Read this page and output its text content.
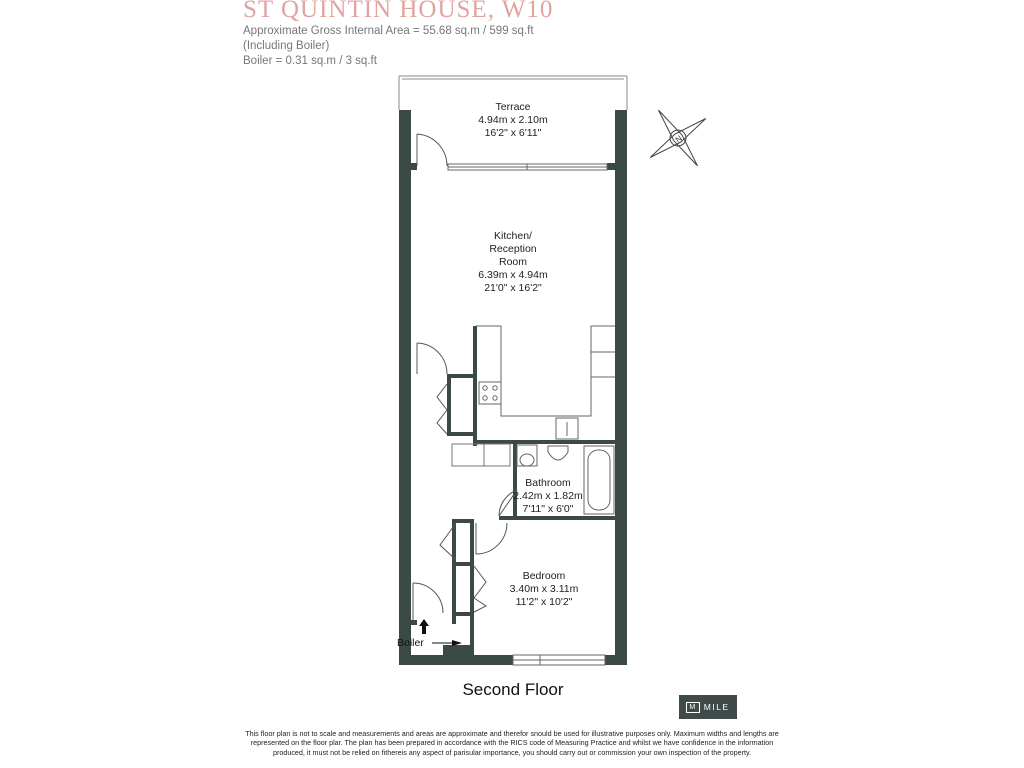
ST QUINTIN HOUSE, W10
Approximate Gross Internal Area = 55.68 sq.m / 599 sq.ft
(Including Boiler)
Boiler = 0.31 sq.m / 3 sq.ft
N
Terrace
4.94m x 2.10m
16'2" x 6'11"
Kitchen/
Reception
Room
6.39m x 4.94m
21'0" x 16'2"
Bathroom
2.42m x 1.82m
7'11" x 6'0"
Bedroom
3.40m x 3.11m
11'2" x 10'2"
Boiler
Second Floor
M MILE
This floor plan is not to scale and measurements and areas are approximate and therefor snould be used for illustrative purposes only. Maximum widths and lengths are represented on the floor plar. The plan has been prepared in accordance with the RICS code of Measuring Practice and whilst we have confidence in the information produced, it must not be relied on fithereis any aspect of parisular importance, you should carry out or commission your own inspection of the property.
